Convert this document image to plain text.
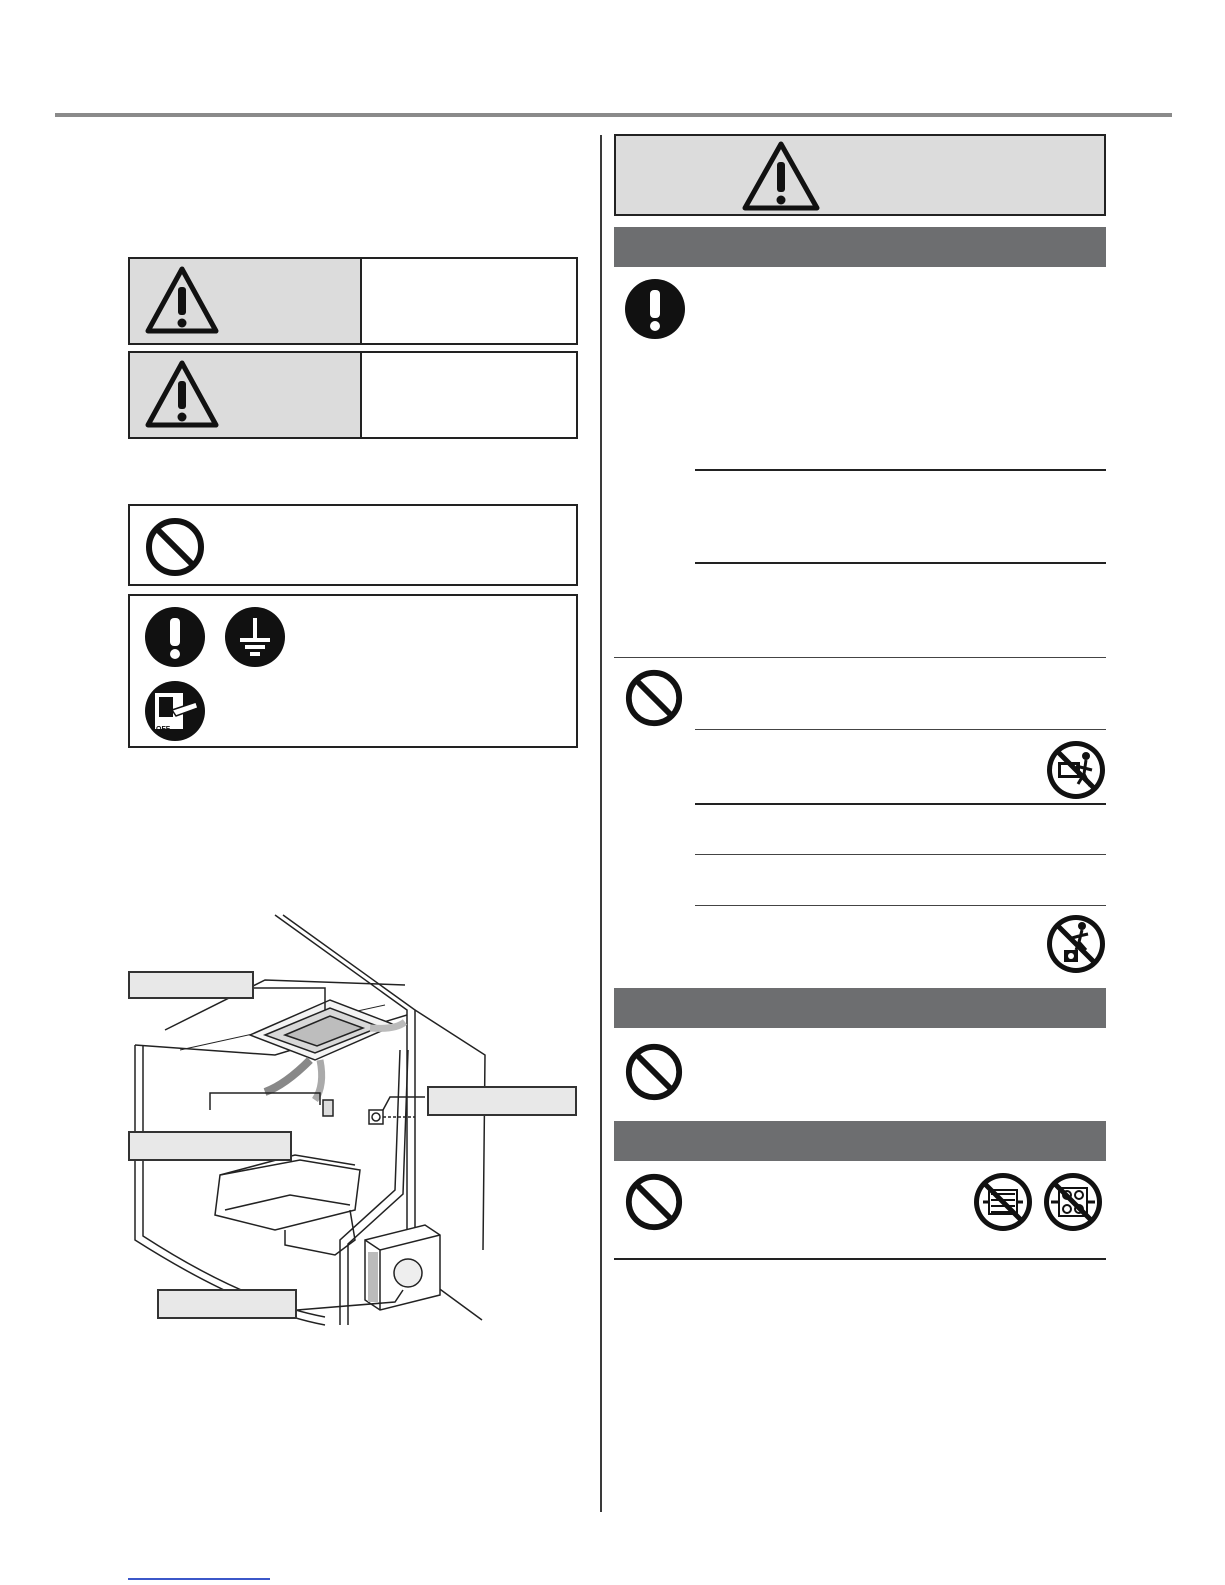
OFF
